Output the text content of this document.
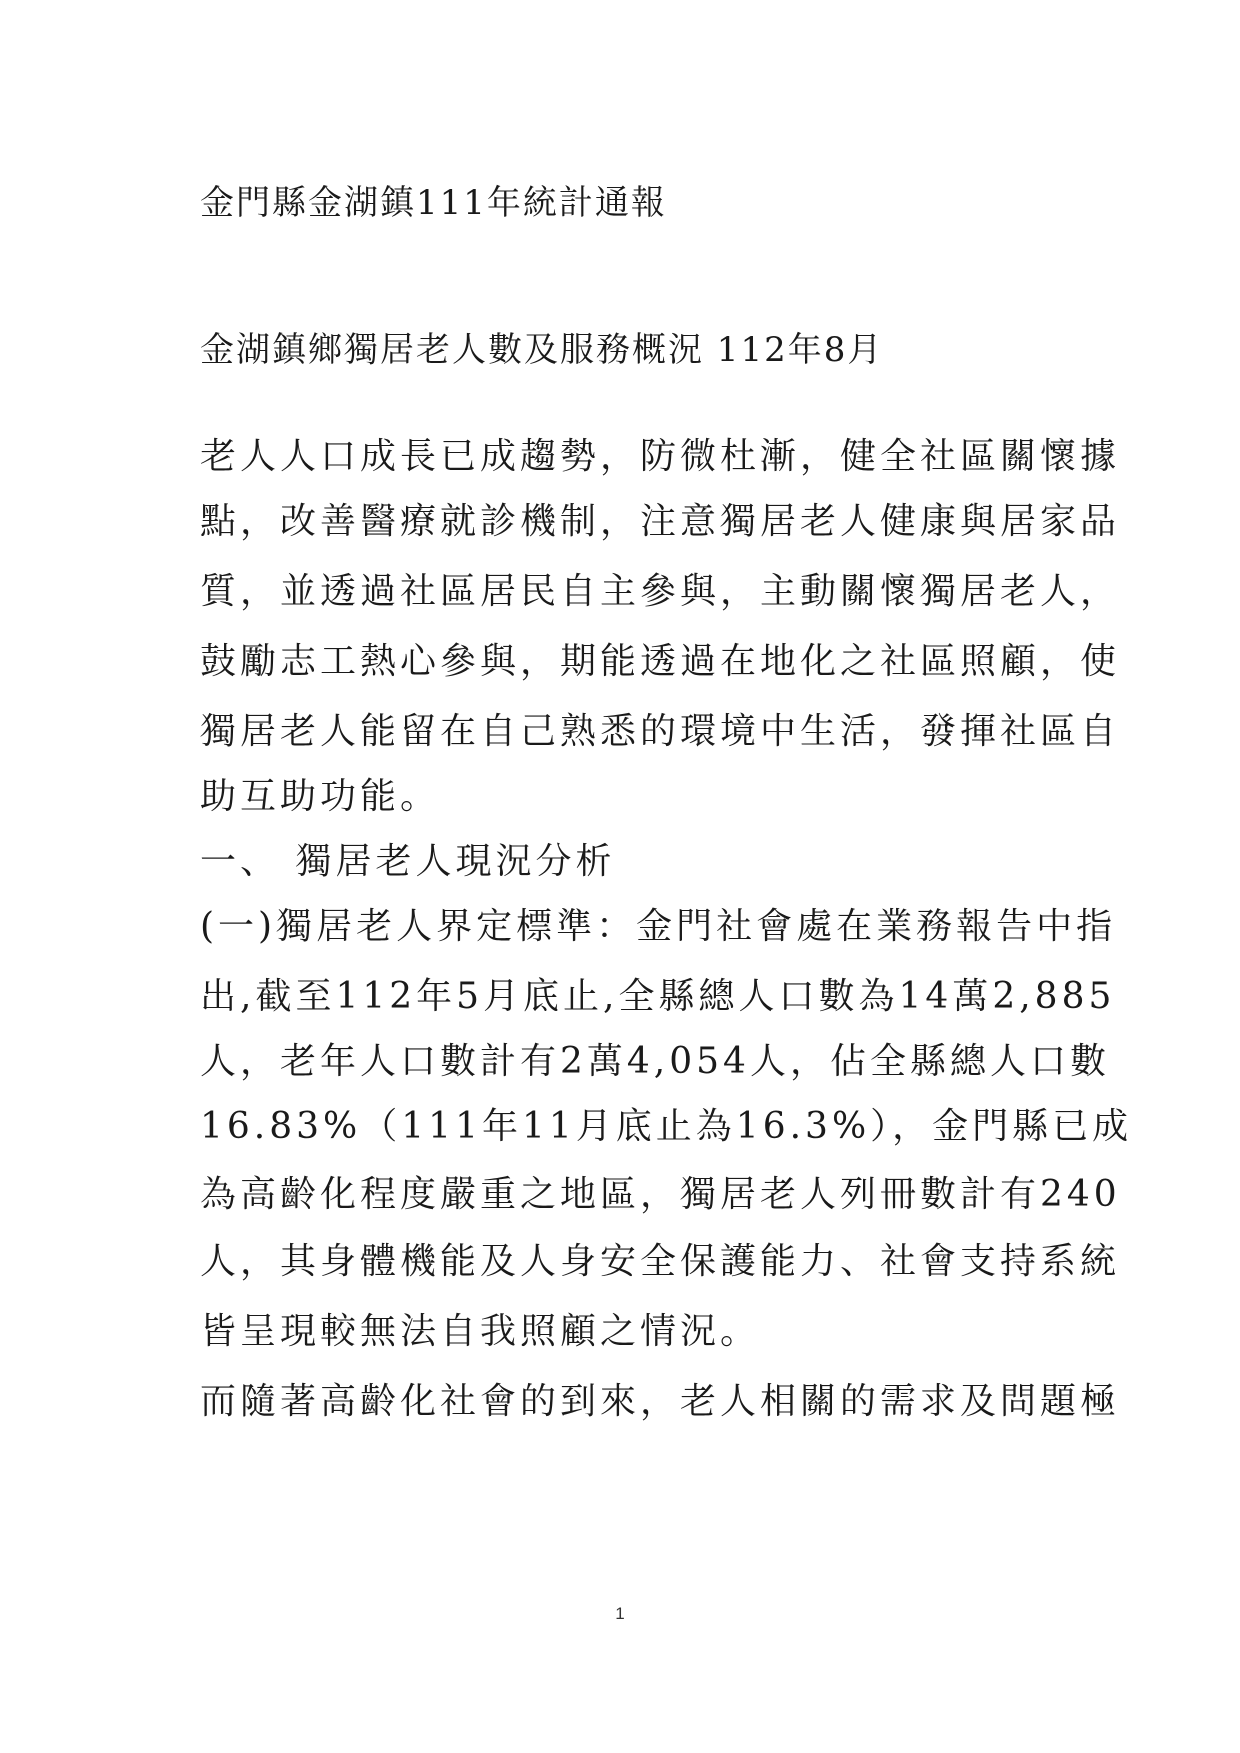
金門縣金湖鎮111年統計通報
金湖鎮鄉獨居老人數及服務概況 112年8月
老人人口成長已成趨勢，防微杜漸，健全社區關懷據
點，改善醫療就診機制，注意獨居老人健康與居家品
質，並透過社區居民自主參與，主動關懷獨居老人，
鼓勵志工熱心參與，期能透過在地化之社區照顧，使
獨居老人能留在自己熟悉的環境中生活，發揮社區自
助互助功能。
一、 獨居老人現況分析
(一)獨居老人界定標準：金門社會處在業務報告中指
出,截至112年5月底止,全縣總人口數為14萬2,885
人，老年人口數計有2萬4,054人，佔全縣總人口數
16.83%（111年11月底止為16.3%），金門縣已成
為高齡化程度嚴重之地區，獨居老人列冊數計有240
人，其身體機能及人身安全保護能力、社會支持系統
皆呈現較無法自我照顧之情況。
而隨著高齡化社會的到來，老人相關的需求及問題極
1
